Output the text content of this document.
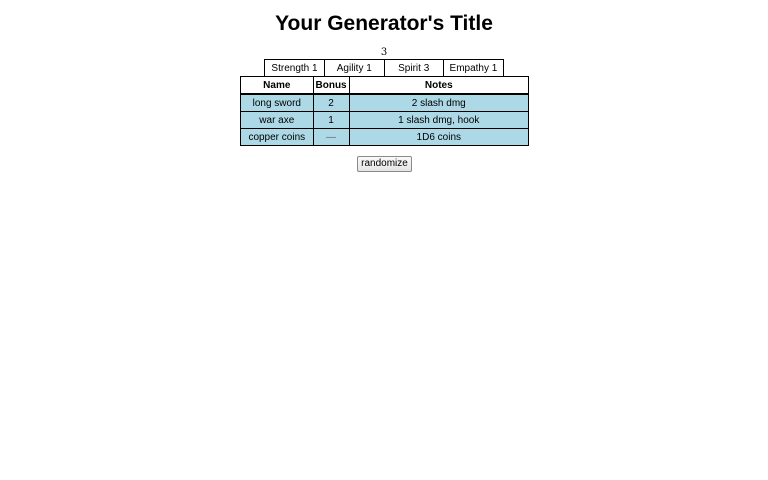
Your Generator's Title
3
Strength 1	Agility 1	Spirit 3	Empathy 1
Name	Bonus	Notes
long sword	2	2 slash dmg
war axe	1	1 slash dmg, hook
copper coins	—	1D6 coins
randomize
